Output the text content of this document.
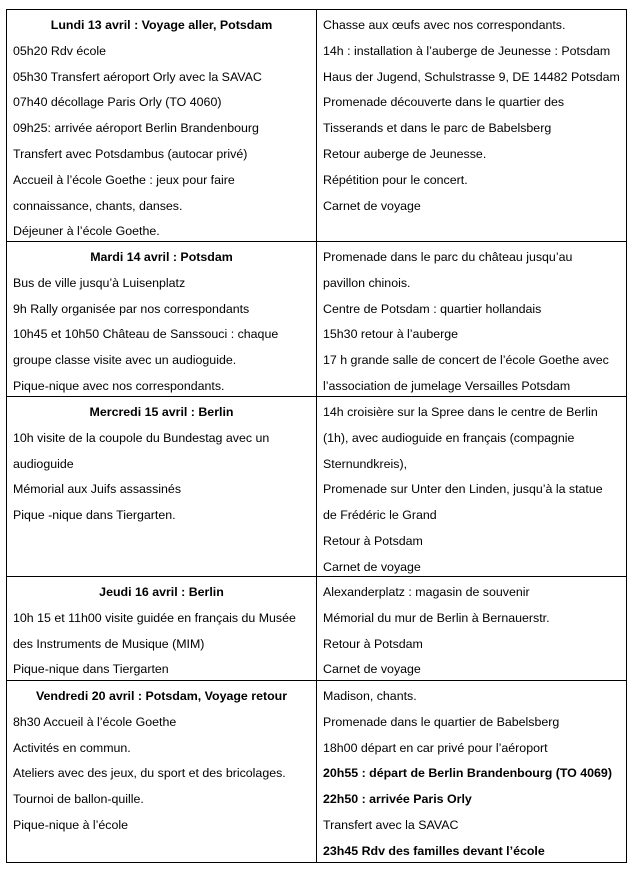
Lundi 13 avril : Voyage aller, Potsdam
05h20 Rdv école
05h30 Transfert aéroport Orly avec la SAVAC
07h40 décollage Paris Orly (TO 4060)
09h25: arrivée aéroport Berlin Brandenbourg
Transfert avec Potsdambus (autocar privé)
Accueil à l’école Goethe : jeux pour faire
connaissance, chants, danses.
Déjeuner à l’école Goethe.
Chasse aux œufs avec nos correspondants.
14h : installation à l’auberge de Jeunesse : Potsdam
Haus der Jugend, Schulstrasse 9, DE 14482 Potsdam
Promenade découverte dans le quartier des
Tisserands et dans le parc de Babelsberg
Retour auberge de Jeunesse.
Répétition pour le concert.
Carnet de voyage
Mardi 14 avril : Potsdam
Bus de ville jusqu’à Luisenplatz
9h Rally organisée par nos correspondants
10h45 et 10h50 Château de Sanssouci : chaque
groupe classe visite avec un audioguide.
Pique-nique avec nos correspondants.
Promenade dans le parc du château jusqu’au
pavillon chinois.
Centre de Potsdam : quartier hollandais
15h30 retour à l’auberge
17 h grande salle de concert de l’école Goethe avec
l’association de jumelage Versailles Potsdam
Mercredi 15 avril : Berlin
10h visite de la coupole du Bundestag avec un
audioguide
Mémorial aux Juifs assassinés
Pique -nique dans Tiergarten.
14h croisière sur la Spree dans le centre de Berlin
(1h), avec audioguide en français (compagnie
Sternundkreis),
Promenade sur Unter den Linden, jusqu’à la statue
de Frédéric le Grand
Retour à Potsdam
Carnet de voyage
Jeudi 16 avril : Berlin
10h 15 et 11h00 visite guidée en français du Musée
des Instruments de Musique (MIM)
Pique-nique dans Tiergarten
Alexanderplatz : magasin de souvenir
Mémorial du mur de Berlin à Bernauerstr.
Retour à Potsdam
Carnet de voyage
Vendredi 20 avril : Potsdam, Voyage retour
8h30 Accueil à l’école Goethe
Activités en commun.
Ateliers avec des jeux, du sport et des bricolages.
Tournoi de ballon-quille.
Pique-nique à l’école
Madison, chants.
Promenade dans le quartier de Babelsberg
18h00 départ en car privé pour l’aéroport
20h55 : départ de Berlin Brandenbourg (TO 4069)
22h50 : arrivée Paris Orly
Transfert avec la SAVAC
23h45 Rdv des familles devant l’école
